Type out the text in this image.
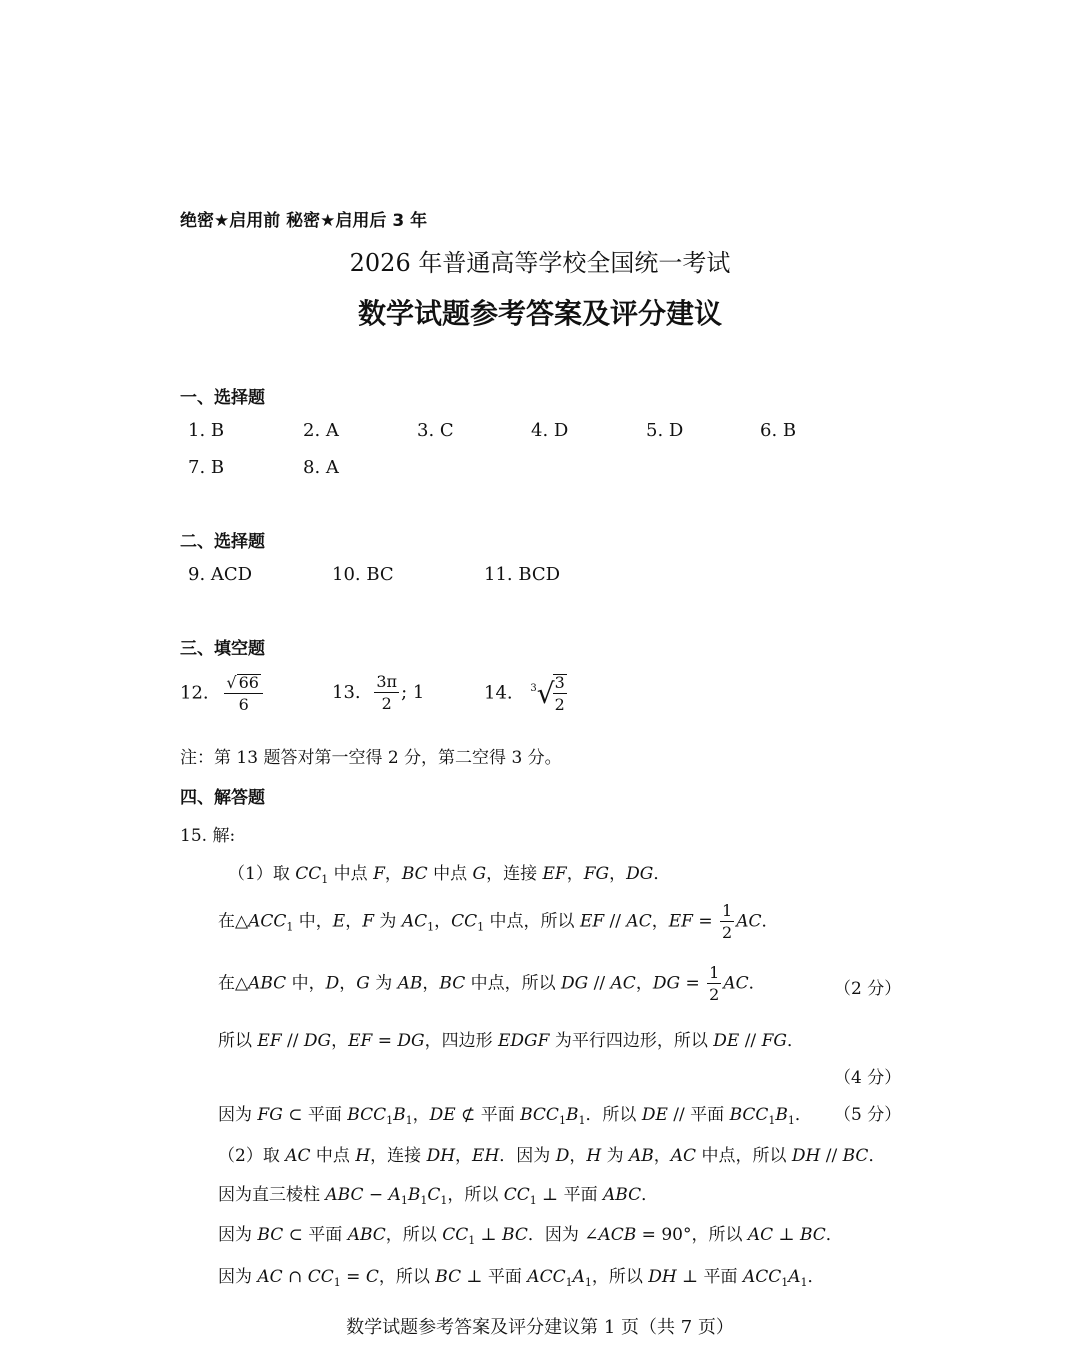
绝密★启用前 秘密★启用后 3 年
2026 年普通高等学校全国统一考试
数学试题参考答案及评分建议
一、选择题
1. B	2. A	3. C	4. D	5. D	6. B
7. B	8. A
二、选择题
9. ACD	10. BC	11. BCD
三、填空题
12. $\frac{√ 66}{6}$	13. $\frac{3\pi}{2}$ ; 1	14. $^3$√
$\frac{3}{2}$
注：第 13 题答对第一空得 2 分，第二空得 3 分。
四、解答题
15. 解:
（1）取 $CC_1$ 中点 F，BC 中点 G，连接 EF，FG，DG．
在$\triangle ACC_1$ 中，E，F 为 $AC_1$，$CC_1$ 中点，所以 EF // AC，EF = $\frac{1}{2}$ AC．
在△ABC 中，D，G 为 AB，BC 中点，所以 DG // AC，DG = $\frac{1}{2}$ AC．	（2 分）
所以 EF // DG，EF = DG，四边形 EDGF 为平行四边形，所以 DE // FG．
（4 分）
因为 FG ⊂ 平面 $BCC_1B_1$，DE ⊄ 平面 $BCC_1B_1$．所以 DE // 平面 $BCC_1B_1$． （5 分）
（2）取 AC 中点 H，连接 DH，EH．因为 D，H 为 AB，AC 中点，所以 DH // BC．
因为直三棱柱 ABC − $A_1B_1C_1$，所以 $CC_1$ ⊥ 平面 ABC．
因为 BC ⊂ 平面 ABC，所以 $CC_1$ ⊥ BC．因为 ∠ACB = 90°，所以 AC ⊥ BC．
因为 AC ∩ $CC_1 = C$，所以 BC ⊥ 平面 $ACC_1A_1$，所以 DH ⊥ 平面 $ACC_1A_1$．
数学试题参考答案及评分建议第 1 页（共 7 页）
